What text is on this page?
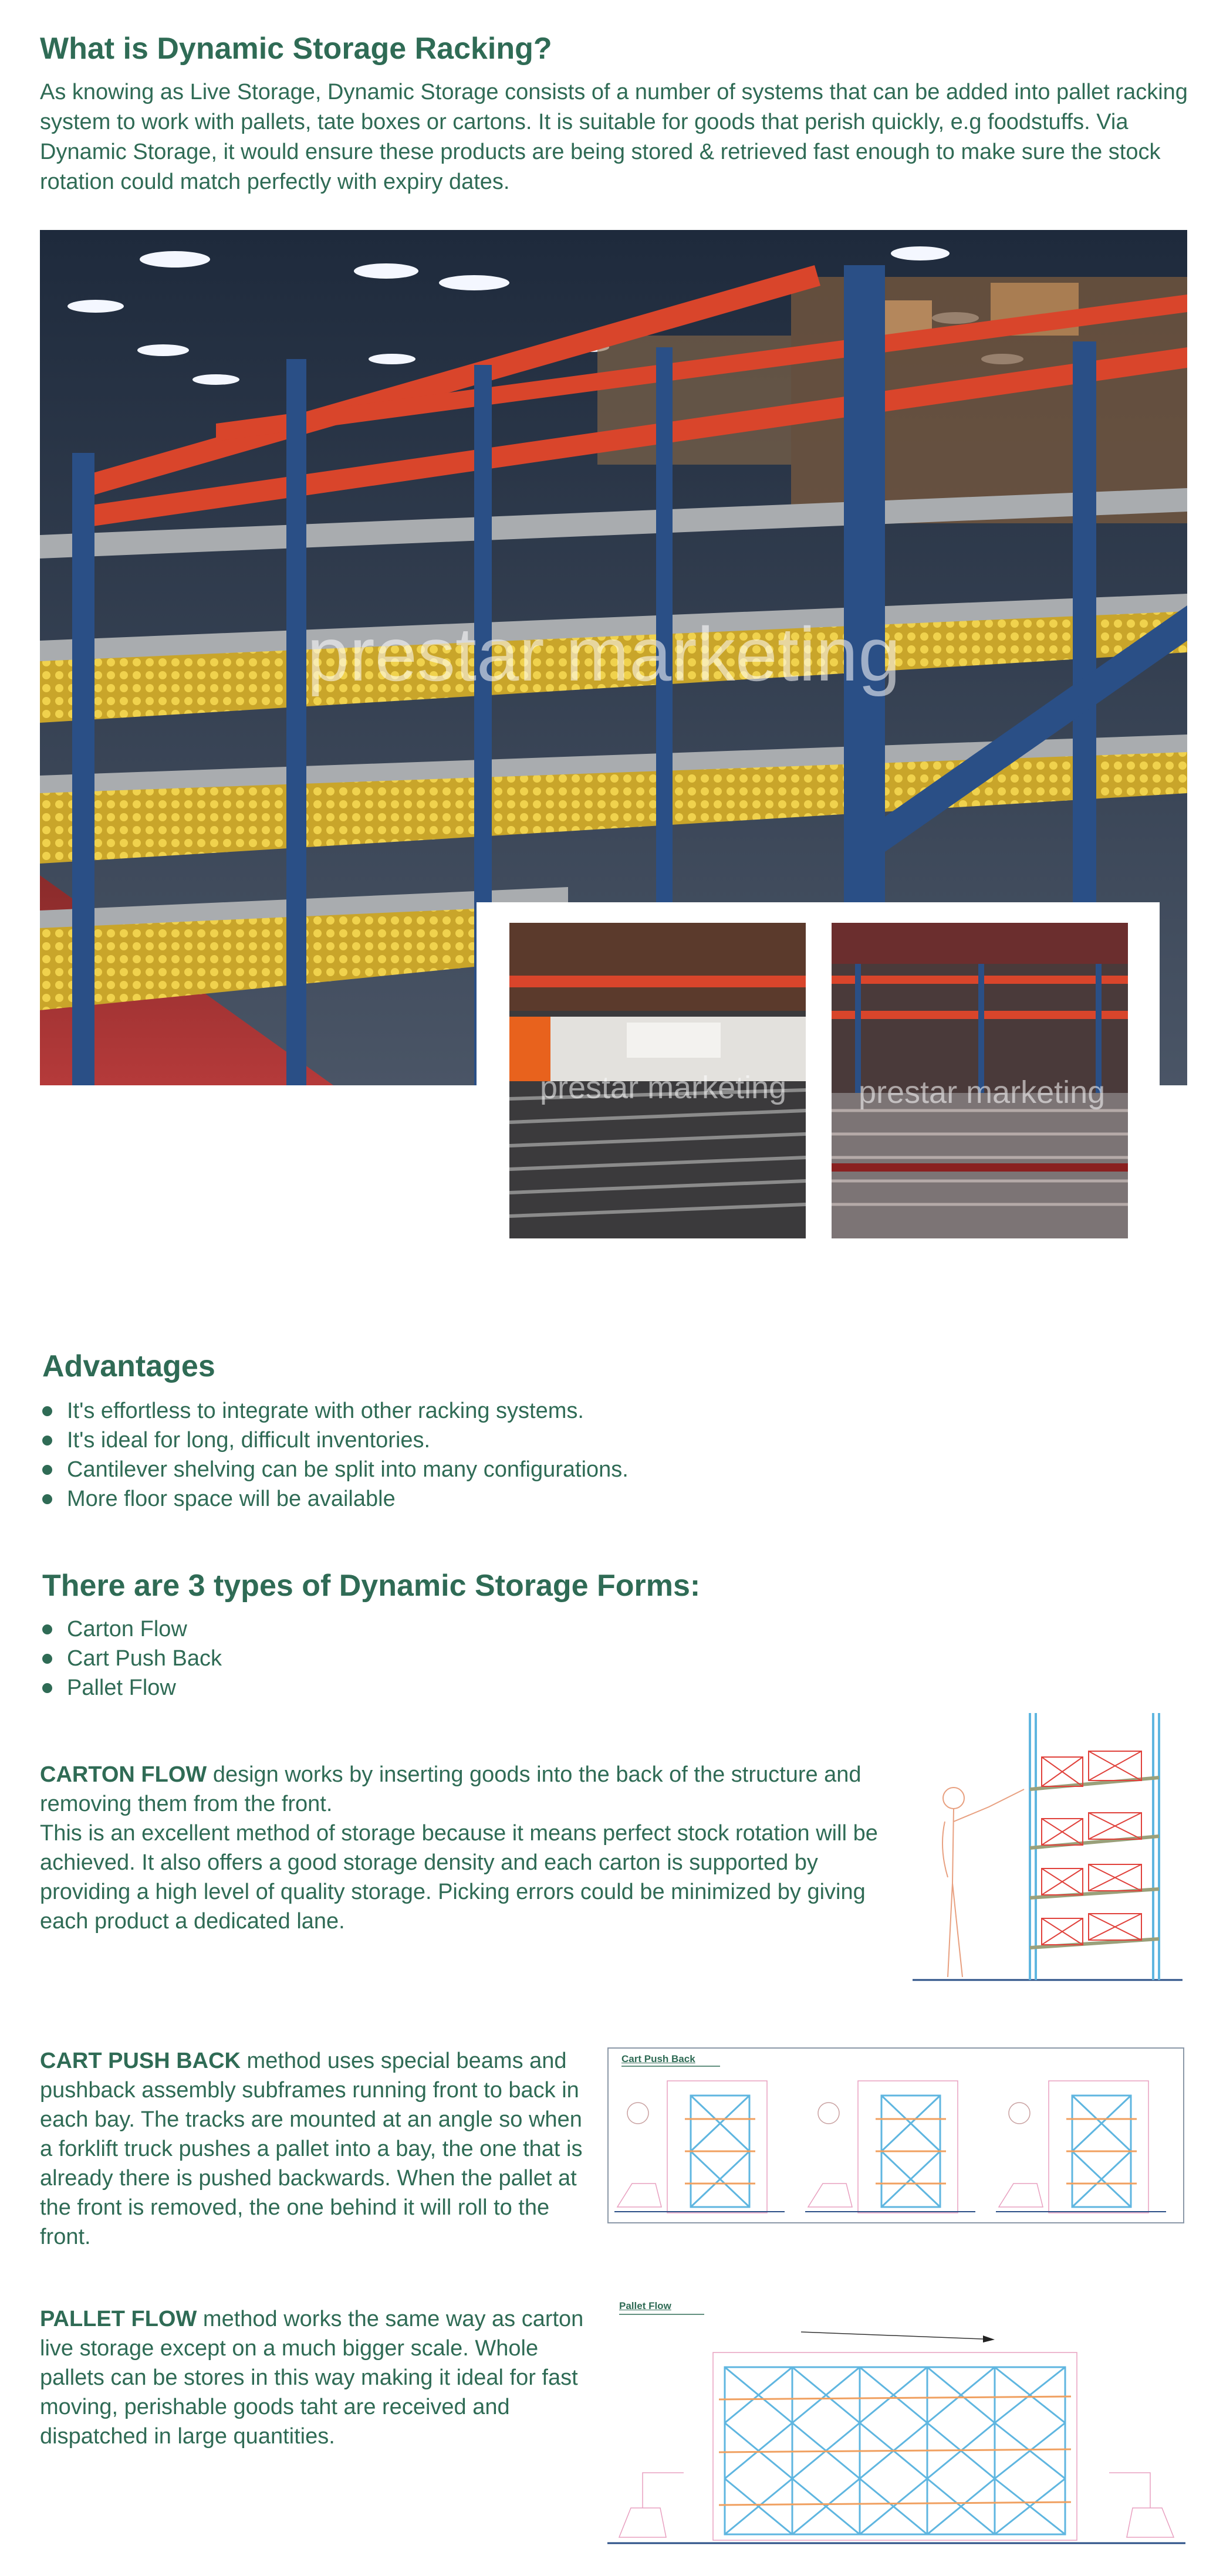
What is Dynamic Storage Racking?

As knowing as Live Storage, Dynamic Storage consists of a number of systems that can be added into pallet racking system to work with pallets, tate boxes or cartons. It is suitable for goods that perish quickly, e.g foodstuffs. Via Dynamic Storage, it would ensure these products are being stored & retrieved fast enough to make sure the stock rotation could match perfectly with expiry dates.

prestar marketing
prestar marketing prestar marketing
Advantages
It's effortless to integrate with other racking systems.
It's ideal for long, difficult inventories.
Cantilever shelving can be split into many configurations.
More floor space will be available
There are 3 types of Dynamic Storage Forms:
Carton Flow
Cart Push Back
Pallet Flow

CARTON FLOW design works by inserting goods into the back of the structure and removing them from the front.
This is an excellent method of storage because it means perfect stock rotation will be achieved. It also offers a good storage density and each carton is supported by providing a high level of quality storage. Picking errors could be minimized by giving each product a dedicated lane.

CART PUSH BACK method uses special beams and pushback assembly subframes running front to back in each bay. The tracks are mounted at an angle so when a forklift truck pushes a pallet into a bay, the one that is already there is pushed backwards. When the pallet at the front is removed, the one behind it will roll to the front.

Cart Push Back

PALLET FLOW method works the same way as carton live storage except on a much bigger scale. Whole pallets can be stores in this way making it ideal for fast moving, perishable goods taht are received and dispatched in large quantities.

Pallet Flow
